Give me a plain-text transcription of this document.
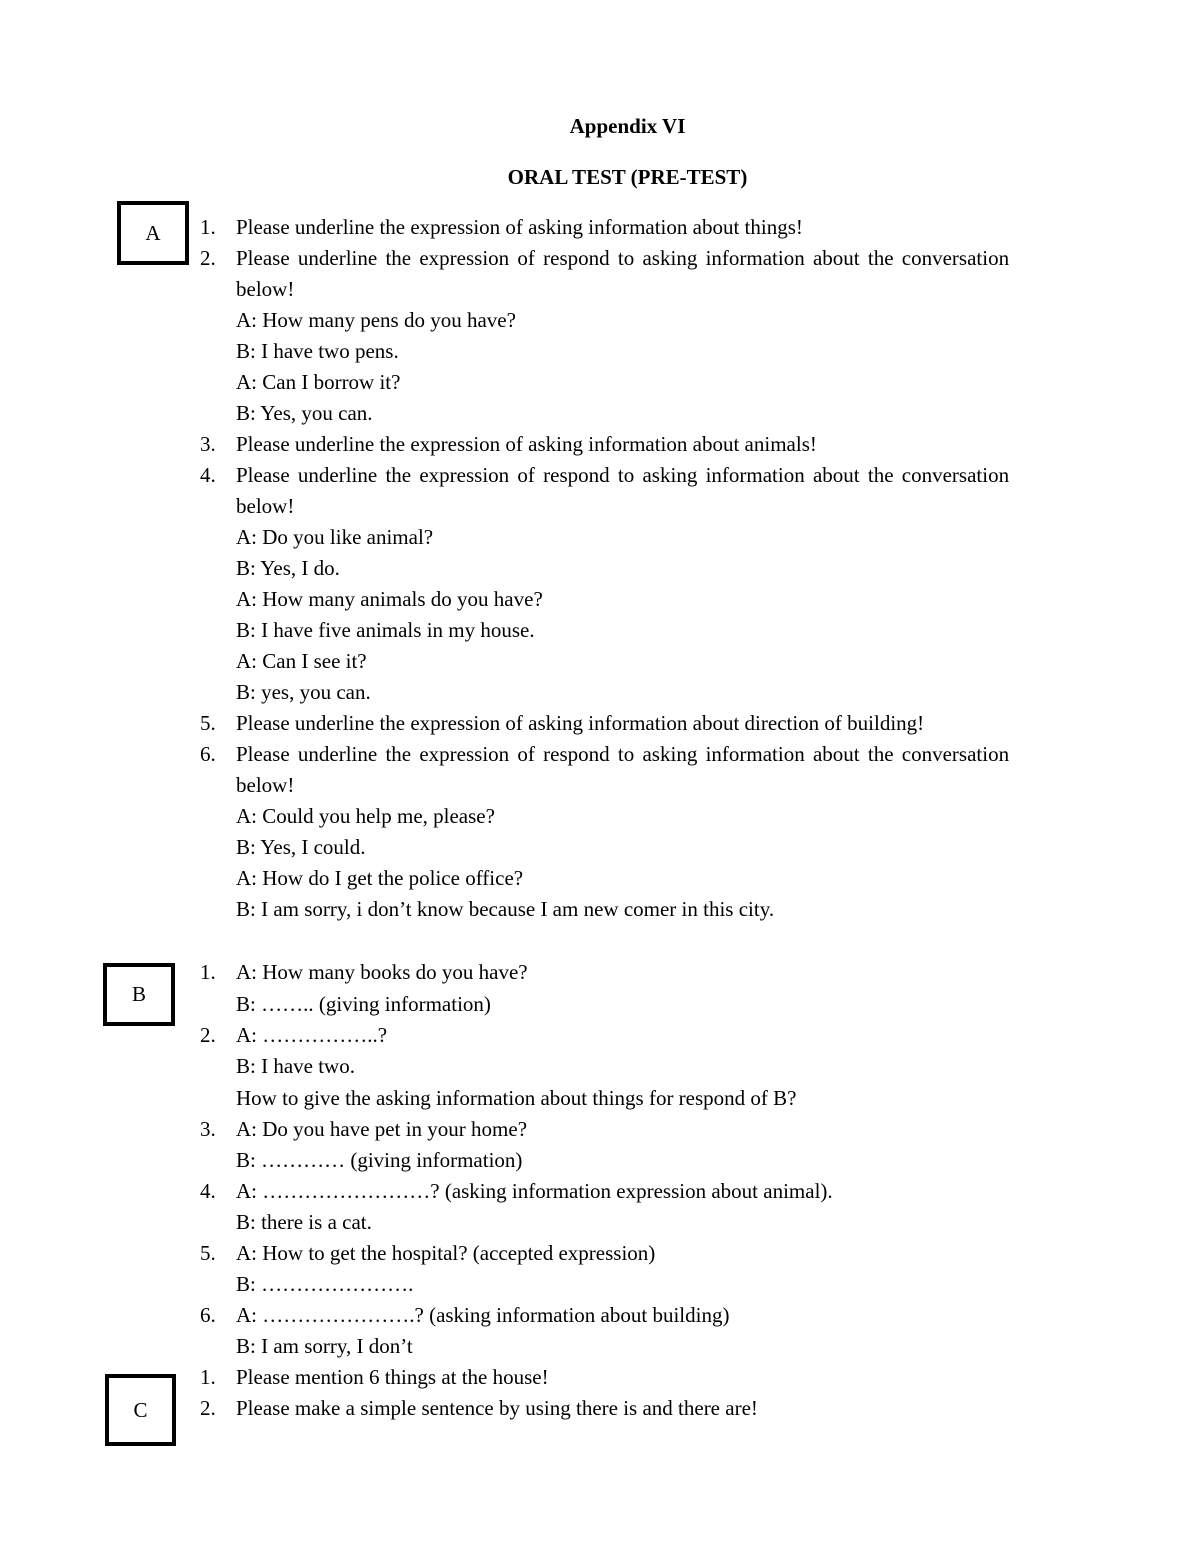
Appendix VI
ORAL TEST (PRE-TEST)
A
B
C
1. Please underline the expression of asking information about things!
2. Please underline the expression of respond to asking information about the conversation
below!
A: How many pens do you have?
B: I have two pens.
A: Can I borrow it?
B: Yes, you can.
3. Please underline the expression of asking information about animals!
4. Please underline the expression of respond to asking information about the conversation
below!
A: Do you like animal?
B: Yes, I do.
A: How many animals do you have?
B: I have five animals in my house.
A: Can I see it?
B: yes, you can.
5. Please underline the expression of asking information about direction of building!
6. Please underline the expression of respond to asking information about the conversation
below!
A: Could you help me, please?
B: Yes, I could.
A: How do I get the police office?
B: I am sorry, i don’t know because I am new comer in this city.
1. A: How many books do you have?
B: …….. (giving information)
2. A: ……………..?
B: I have two.
How to give the asking information about things for respond of B?
3. A: Do you have pet in your home?
B: ………… (giving information)
4. A: ……………………? (asking information expression about animal).
B: there is a cat.
5. A: How to get the hospital? (accepted expression)
B: ………………….
6. A: ………………….? (asking information about building)
B: I am sorry, I don’t
1. Please mention 6 things at the house!
2. Please make a simple sentence by using there is and there are!
